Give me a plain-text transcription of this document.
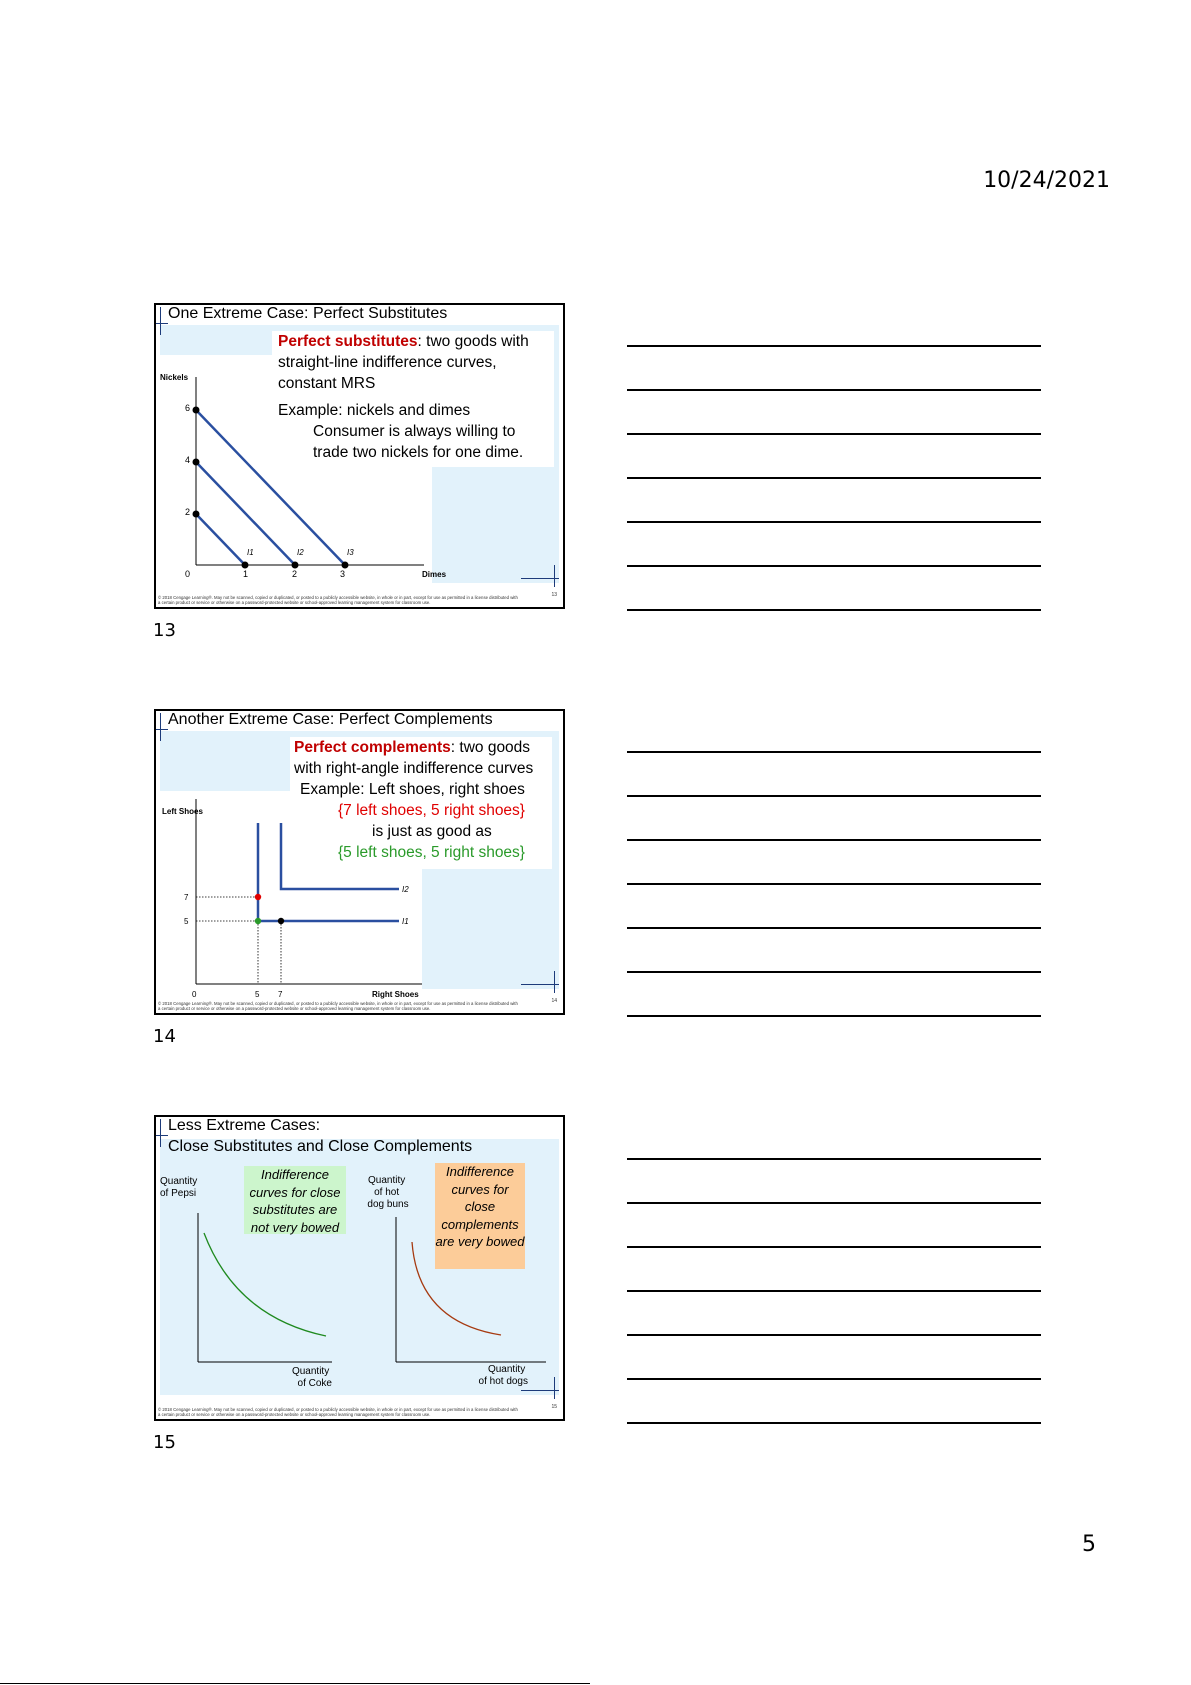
10/24/2021
One Extreme Case: Perfect Substitutes
Nickels
6
4
2
0	1	2	3	Dimes
I1	I2	I3
Perfect substitutes: two goods with straight-line indifference curves, constant MRS
Example: nickels and dimes
Consumer is always willing to trade two nickels for one dime.
© 2018 Cengage Learning®. May not be scanned, copied or duplicated, or posted to a publicly accessible website, in whole or in part, except for use as permitted in a license distributed with a certain product or service or otherwise on a password-protected website or school-approved learning management system for classroom use.
13
13
Another Extreme Case: Perfect Complements
Left Shoes
7
5
0	5 7	Right Shoes
I2
I1
Perfect complements: two goods with right-angle indifference curves
Example: Left shoes, right shoes
{7 left shoes, 5 right shoes}
is just as good as
{5 left shoes, 5 right shoes}
© 2018 Cengage Learning®. May not be scanned, copied or duplicated, or posted to a publicly accessible website, in whole or in part, except for use as permitted in a license distributed with a certain product or service or otherwise on a password-protected website or school-approved learning management system for classroom use.
14
14
Less Extreme Cases:
Close Substitutes and Close Complements
Quantity of Pepsi
Quantity of Coke
Quantity of hot dog buns
Quantity of hot dogs
Indifference curves for close substitutes are not very bowed
Indifference curves for close complements are very bowed
© 2018 Cengage Learning®. May not be scanned, copied or duplicated, or posted to a publicly accessible website, in whole or in part, except for use as permitted in a license distributed with a certain product or service or otherwise on a password-protected website or school-approved learning management system for classroom use.
15
15
5
